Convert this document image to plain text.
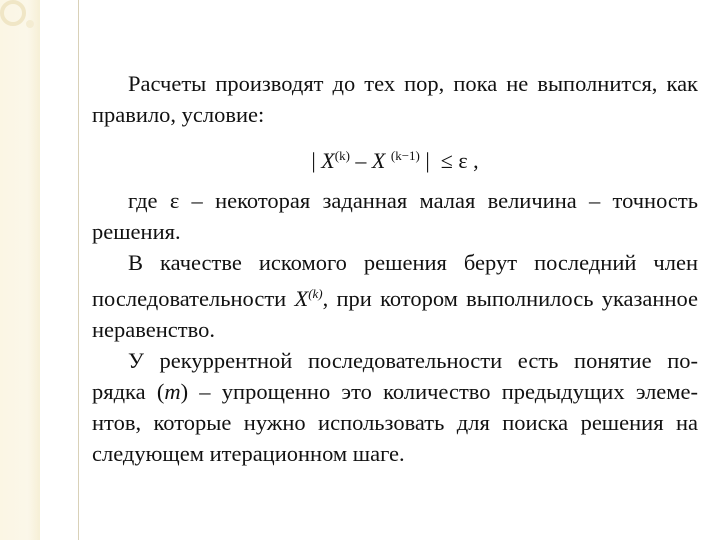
Расчеты производят до тех пор, пока не выполнится, как правило, условие:

| $X^{(k)}$ – X $^{(k-1)}$ | ≤ ε ,

где ε – некоторая заданная малая величина – точность решения.

В качестве искомого решения берут последний член последовательности $X^{(k)}$, при котором выполнилось указанное неравенство.

У рекуррентной последовательности есть понятие по-рядка (m) – упрощенно это количество предыдущих элеме-нтов, которые нужно использовать для поиска решения на следующем итерационном шаге.
